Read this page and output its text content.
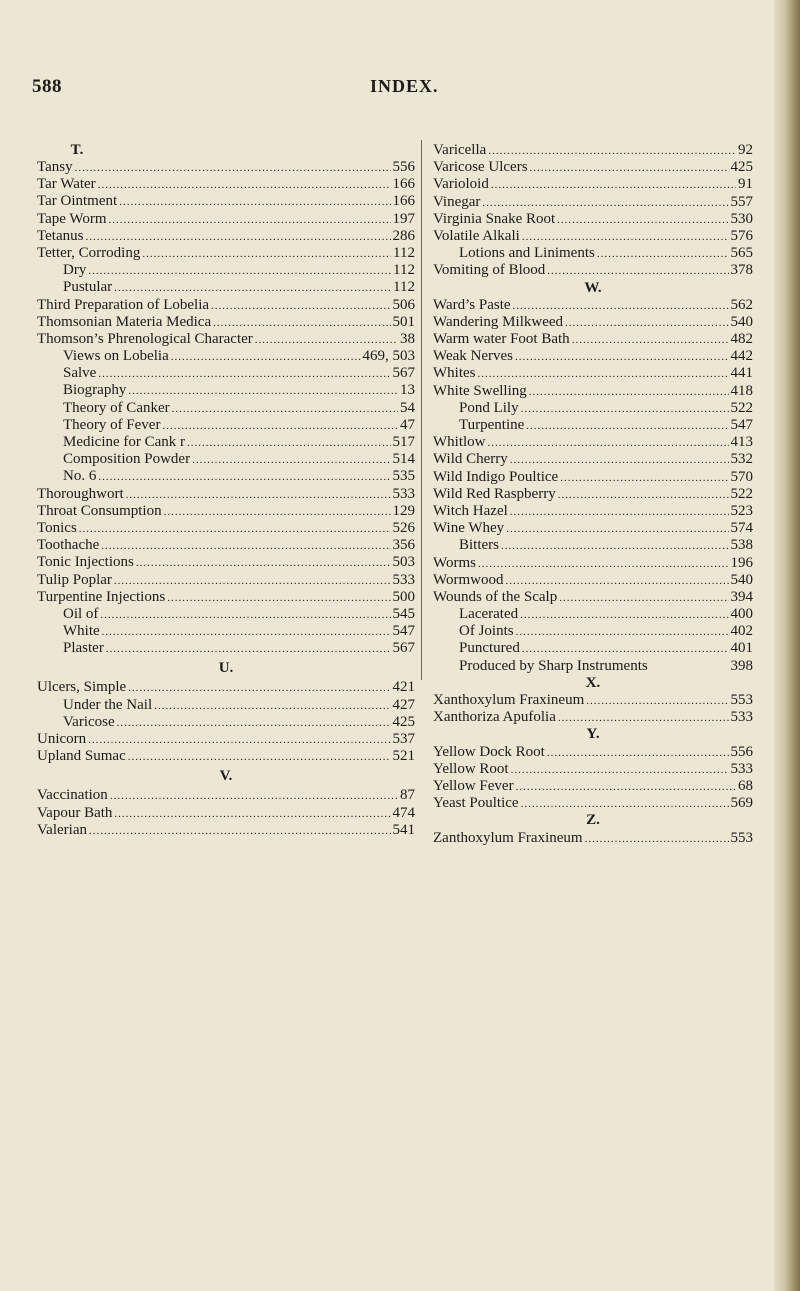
588	INDEX.
T.
Tansy .....	556
Tar Water .....	166
Tar Ointment .....	166
Tape Worm .....	197
Tetanus .....	286
Tetter, Corroding .....	112
Dry .....	112
Pustular .....	112
Third Preparation of Lobelia .....	506
Thomsonian Materia Medica .....	501
Thomson’s Phrenological Character .....	38
Views on Lobelia .....	469, 503
Salve .....	567
Biography .....	13
Theory of Canker .....	54
Theory of Fever .....	47
Medicine for Cank r .....	517
Composition Powder .....	514
No. 6 .....	535
Thoroughwort .....	533
Throat Consumption .....	129
Tonics .....	526
Toothache .....	356
Tonic Injections .....	503
Tulip Poplar .....	533
Turpentine Injections .....	500
Oil of .....	545
White .....	547
Plaster .....	567
U.
Ulcers, Simple .....	421
Under the Nail .....	427
Varicose .....	425
Unicorn .....	537
Upland Sumac .....	521
V.
Vaccination .....	87
Vapour Bath .....	474
Valerian .....	541
Varicella .....	92
Varicose Ulcers .....	425
Varioloid .....	91
Vinegar .....	557
Virginia Snake Root .....	530
Volatile Alkali .....	576
Lotions and Liniments .....	565
Vomiting of Blood .....	378
W.
Ward’s Paste .....	562
Wandering Milkweed .....	540
Warm water Foot Bath .....	482
Weak Nerves .....	442
Whites .....	441
White Swelling .....	418
Pond Lily .....	522
Turpentine .....	547
Whitlow .....	413
Wild Cherry .....	532
Wild Indigo Poultice .....	570
Wild Red Raspberry .....	522
Witch Hazel .....	523
Wine Whey .....	574
Bitters .....	538
Worms .....	196
Wormwood .....	540
Wounds of the Scalp .....	394
Lacerated .....	400
Of Joints .....	402
Punctured .....	401
Produced by Sharp Instruments	398
X.
Xanthoxylum Fraxineum .....	553
Xanthoriza Apufolia .....	533
Y.
Yellow Dock Root .....	556
Yellow Root .....	533
Yellow Fever .....	68
Yeast Poultice .....	569
Z.
Zanthoxylum Fraxineum .....	553
